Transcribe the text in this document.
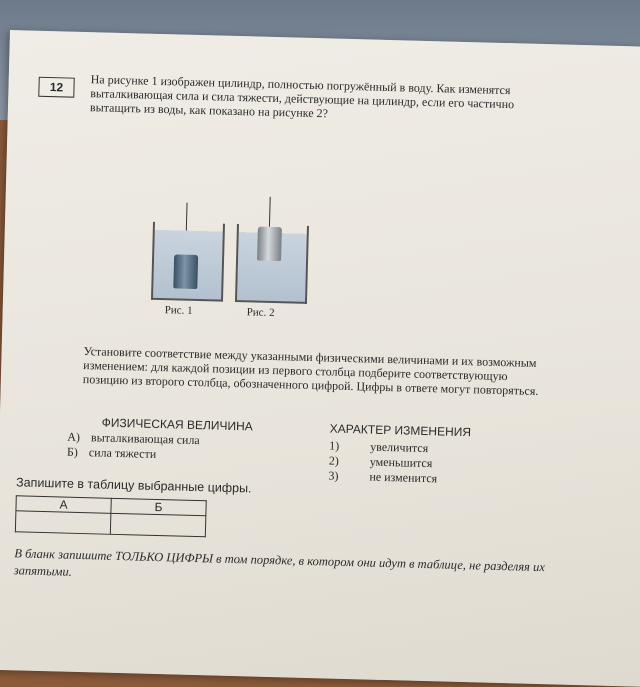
12	На рисунке 1 изображен цилиндр, полностью погружённый в воду. Как изменятся выталкивающая сила и сила тяжести, действующие на цилиндр, если его частично вытащить из воды, как показано на рисунке 2?
Рис. 1	Рис. 2
Установите соответствие между указанными физическими величинами и их возможным изменением: для каждой позиции из первого столбца подберите соответствующую позицию из второго столбца, обозначенного цифрой. Цифры в ответе могут повторяться.
ФИЗИЧЕСКАЯ ВЕЛИЧИНА	ХАРАКТЕР ИЗМЕНЕНИЯ
А) выталкивающая сила
Б) сила тяжести	1)	увеличится
2)	уменьшится
3)	не изменится
Запишите в таблицу выбранные цифры.
А	Б

В бланк запишите ТОЛЬКО ЦИФРЫ в том порядке, в котором они идут в таблице, не разделяя их запятыми.
